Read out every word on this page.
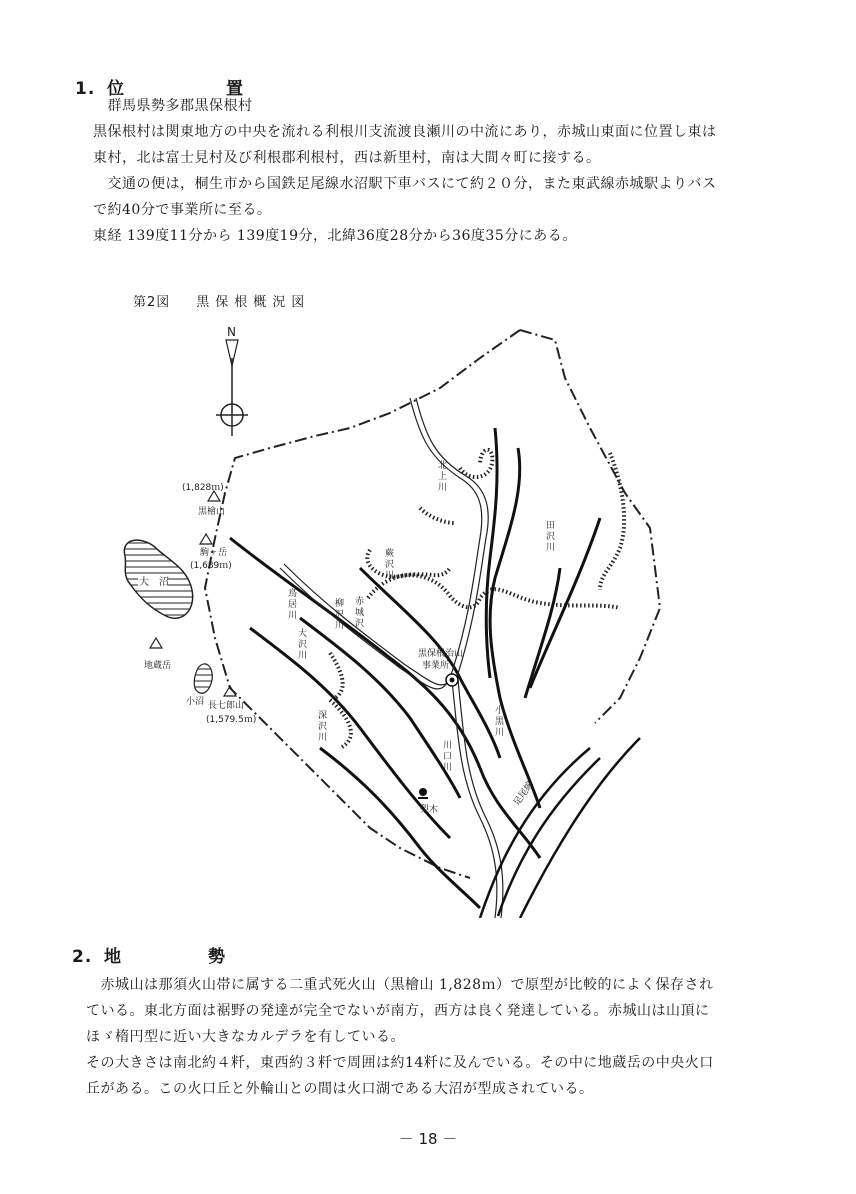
1. 位	置
　群馬県勢多郡黒保根村
黒保根村は関東地方の中央を流れる利根川支流渡良瀬川の中流にあり，赤城山東面に位置し東は
東村，北は富士見村及び利根郡利根村，西は新里村，南は大間々町に接する。
　交通の便は，桐生市から国鉄足尾線水沼駅下車バスにて約２０分，また東武線赤城駅よりバス
で約40分で事業所に至る。
東経 139度11分から 139度19分，北緯36度28分から36度35分にある。
第2図 黒保根概況図
N
(1,828ｍ)
黒檜山
駒ヶ岳
(1,689ｍ)
大　沼
地蔵岳
小沼 長七郎山
(1,579.5ｍ)
足尾線
黒保根治山
事業所
梨木
北上川
田沢川
蕨沢川
鳥居川
柳沢川
大沢川
深沢川
小黒川
川口川
赤城沢
2. 地	勢
　赤城山は那須火山帯に属する二重式死火山（黒檜山 1,828ｍ）で原型が比較的によく保存され
ている。東北方面は裾野の発達が完全でないが南方，西方は良く発達している。赤城山は山頂に
ほゞ楕円型に近い大きなカルデラを有している。
その大きさは南北約４粁，東西約３粁で周囲は約14粁に及んでいる。その中に地蔵岳の中央火口
丘がある。この火口丘と外輪山との間は火口湖である大沼が型成されている。
－ 18 －
